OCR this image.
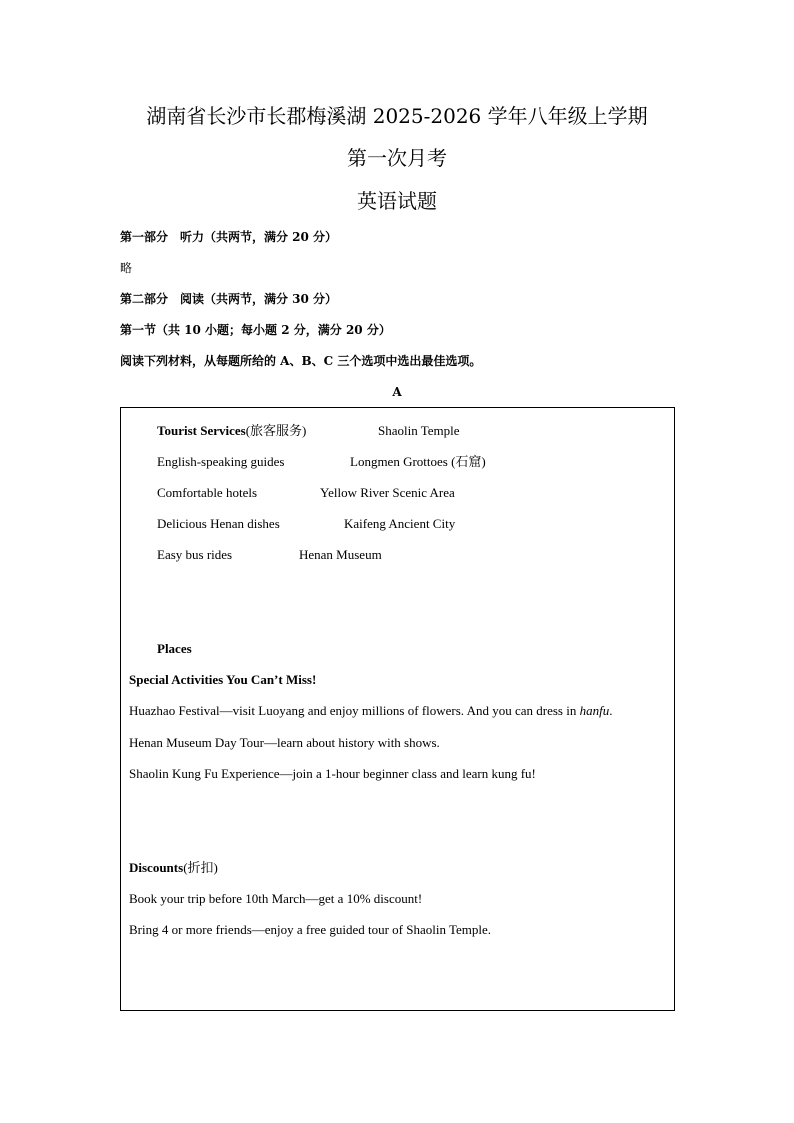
湖南省长沙市长郡梅溪湖 2025-2026 学年八年级上学期
第一次月考
英语试题
第一部分　听力（共两节，满分 20 分）
略
第二部分　阅读（共两节，满分 30 分）
第一节（共 10 小题；每小题 2 分，满分 20 分）
阅读下列材料，从每题所给的 A、B、C 三个选项中选出最佳选项。
A
Tourist Services(旅客服务)	Shaolin Temple
English-speaking guides	Longmen Grottoes (石窟)
Comfortable hotels	Yellow River Scenic Area
Delicious Henan dishes	Kaifeng Ancient City
Easy bus rides	Henan Museum
Places
Special Activities You Can’t Miss!
Huazhao Festival—visit Luoyang and enjoy millions of flowers. And you can dress in hanfu.
Henan Museum Day Tour—learn about history with shows.
Shaolin Kung Fu Experience—join a 1-hour beginner class and learn kung fu!
Discounts(折扣)
Book your trip before 10th March—get a 10% discount!
Bring 4 or more friends—enjoy a free guided tour of Shaolin Temple.
